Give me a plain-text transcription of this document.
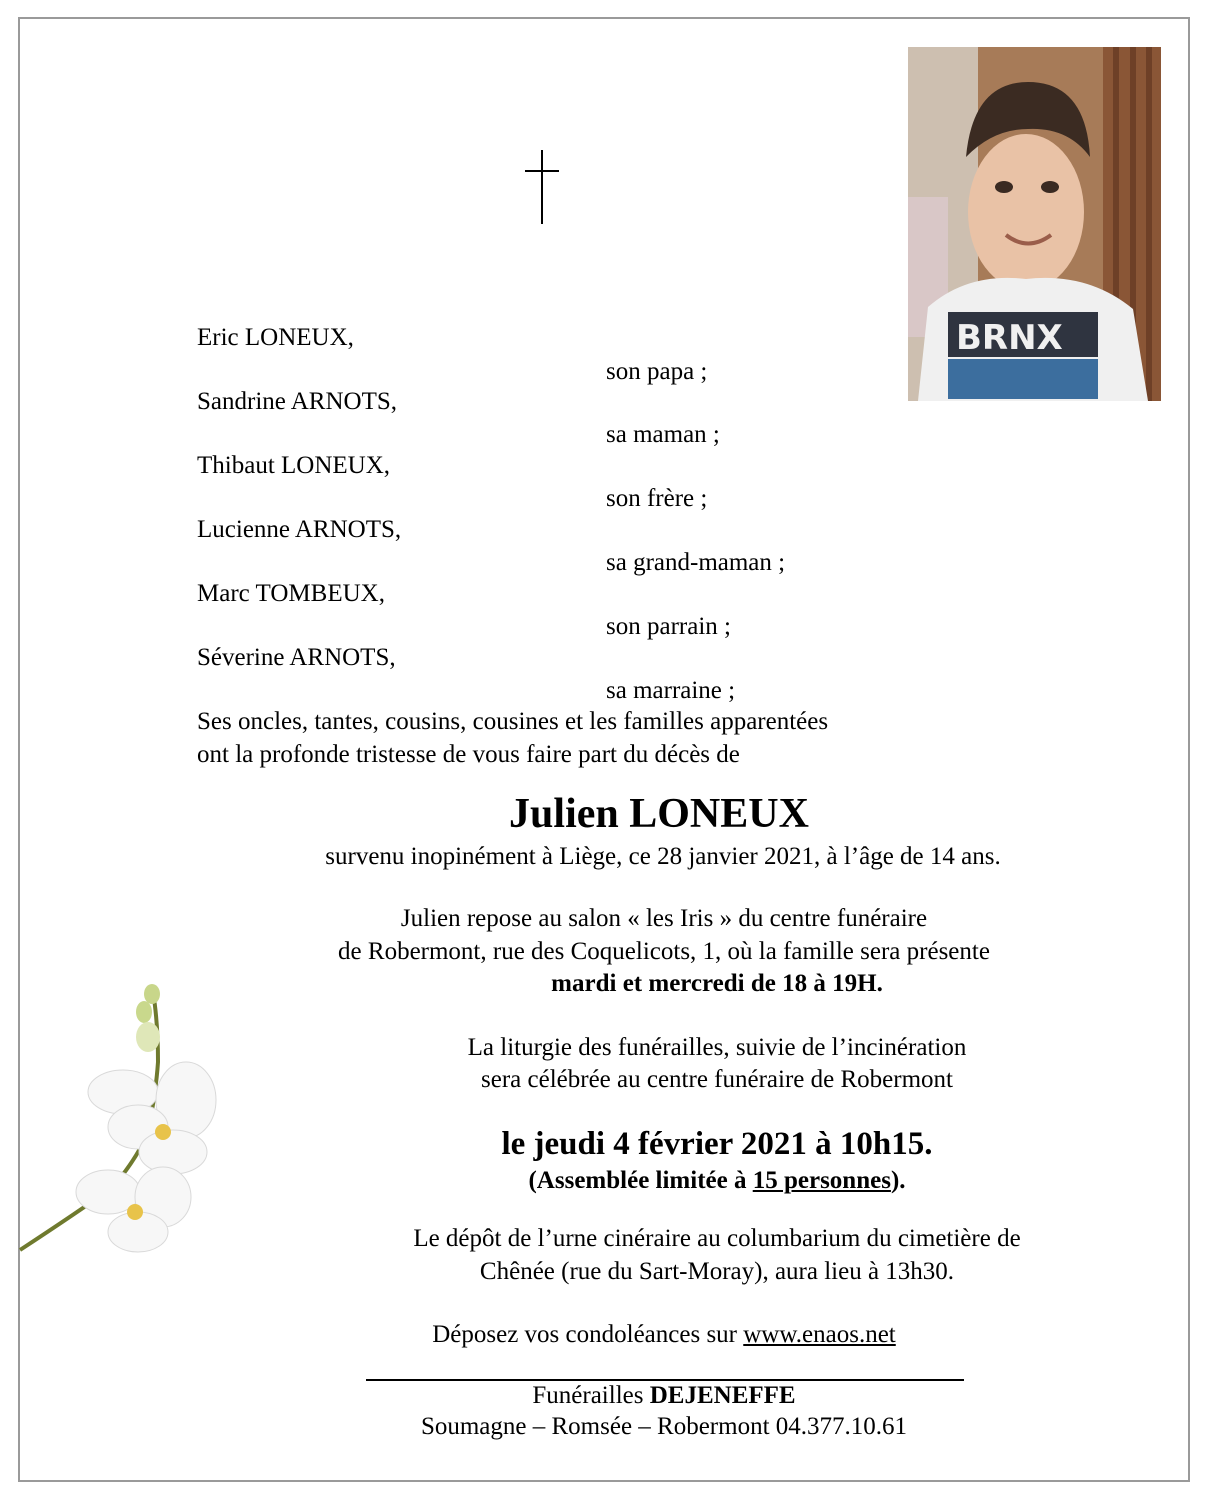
BRNX
Eric LONEUX,
son papa ;
Sandrine ARNOTS,
sa maman ;
Thibaut LONEUX,
son frère ;
Lucienne ARNOTS,
sa grand-maman ;
Marc TOMBEUX,
son parrain ;
Séverine ARNOTS,
sa marraine ;
Ses oncles, tantes, cousins, cousines et les familles apparentées
ont la profonde tristesse de vous faire part du décès de
Julien LONEUX
survenu inopinément à Liège, ce 28 janvier 2021, à l’âge de 14 ans.
Julien repose au salon « les Iris » du centre funéraire
de Robermont, rue des Coquelicots, 1, où la famille sera présente
mardi et mercredi de 18 à 19H.
La liturgie des funérailles, suivie de l’incinération
sera célébrée au centre funéraire de Robermont
le jeudi 4 février 2021 à 10h15.
(Assemblée limitée à 15 personnes).
Le dépôt de l’urne cinéraire au columbarium du cimetière de
Chênée (rue du Sart-Moray), aura lieu à 13h30.
Déposez vos condoléances sur www.enaos.net
Funérailles DEJENEFFE
Soumagne – Romsée – Robermont 04.377.10.61
